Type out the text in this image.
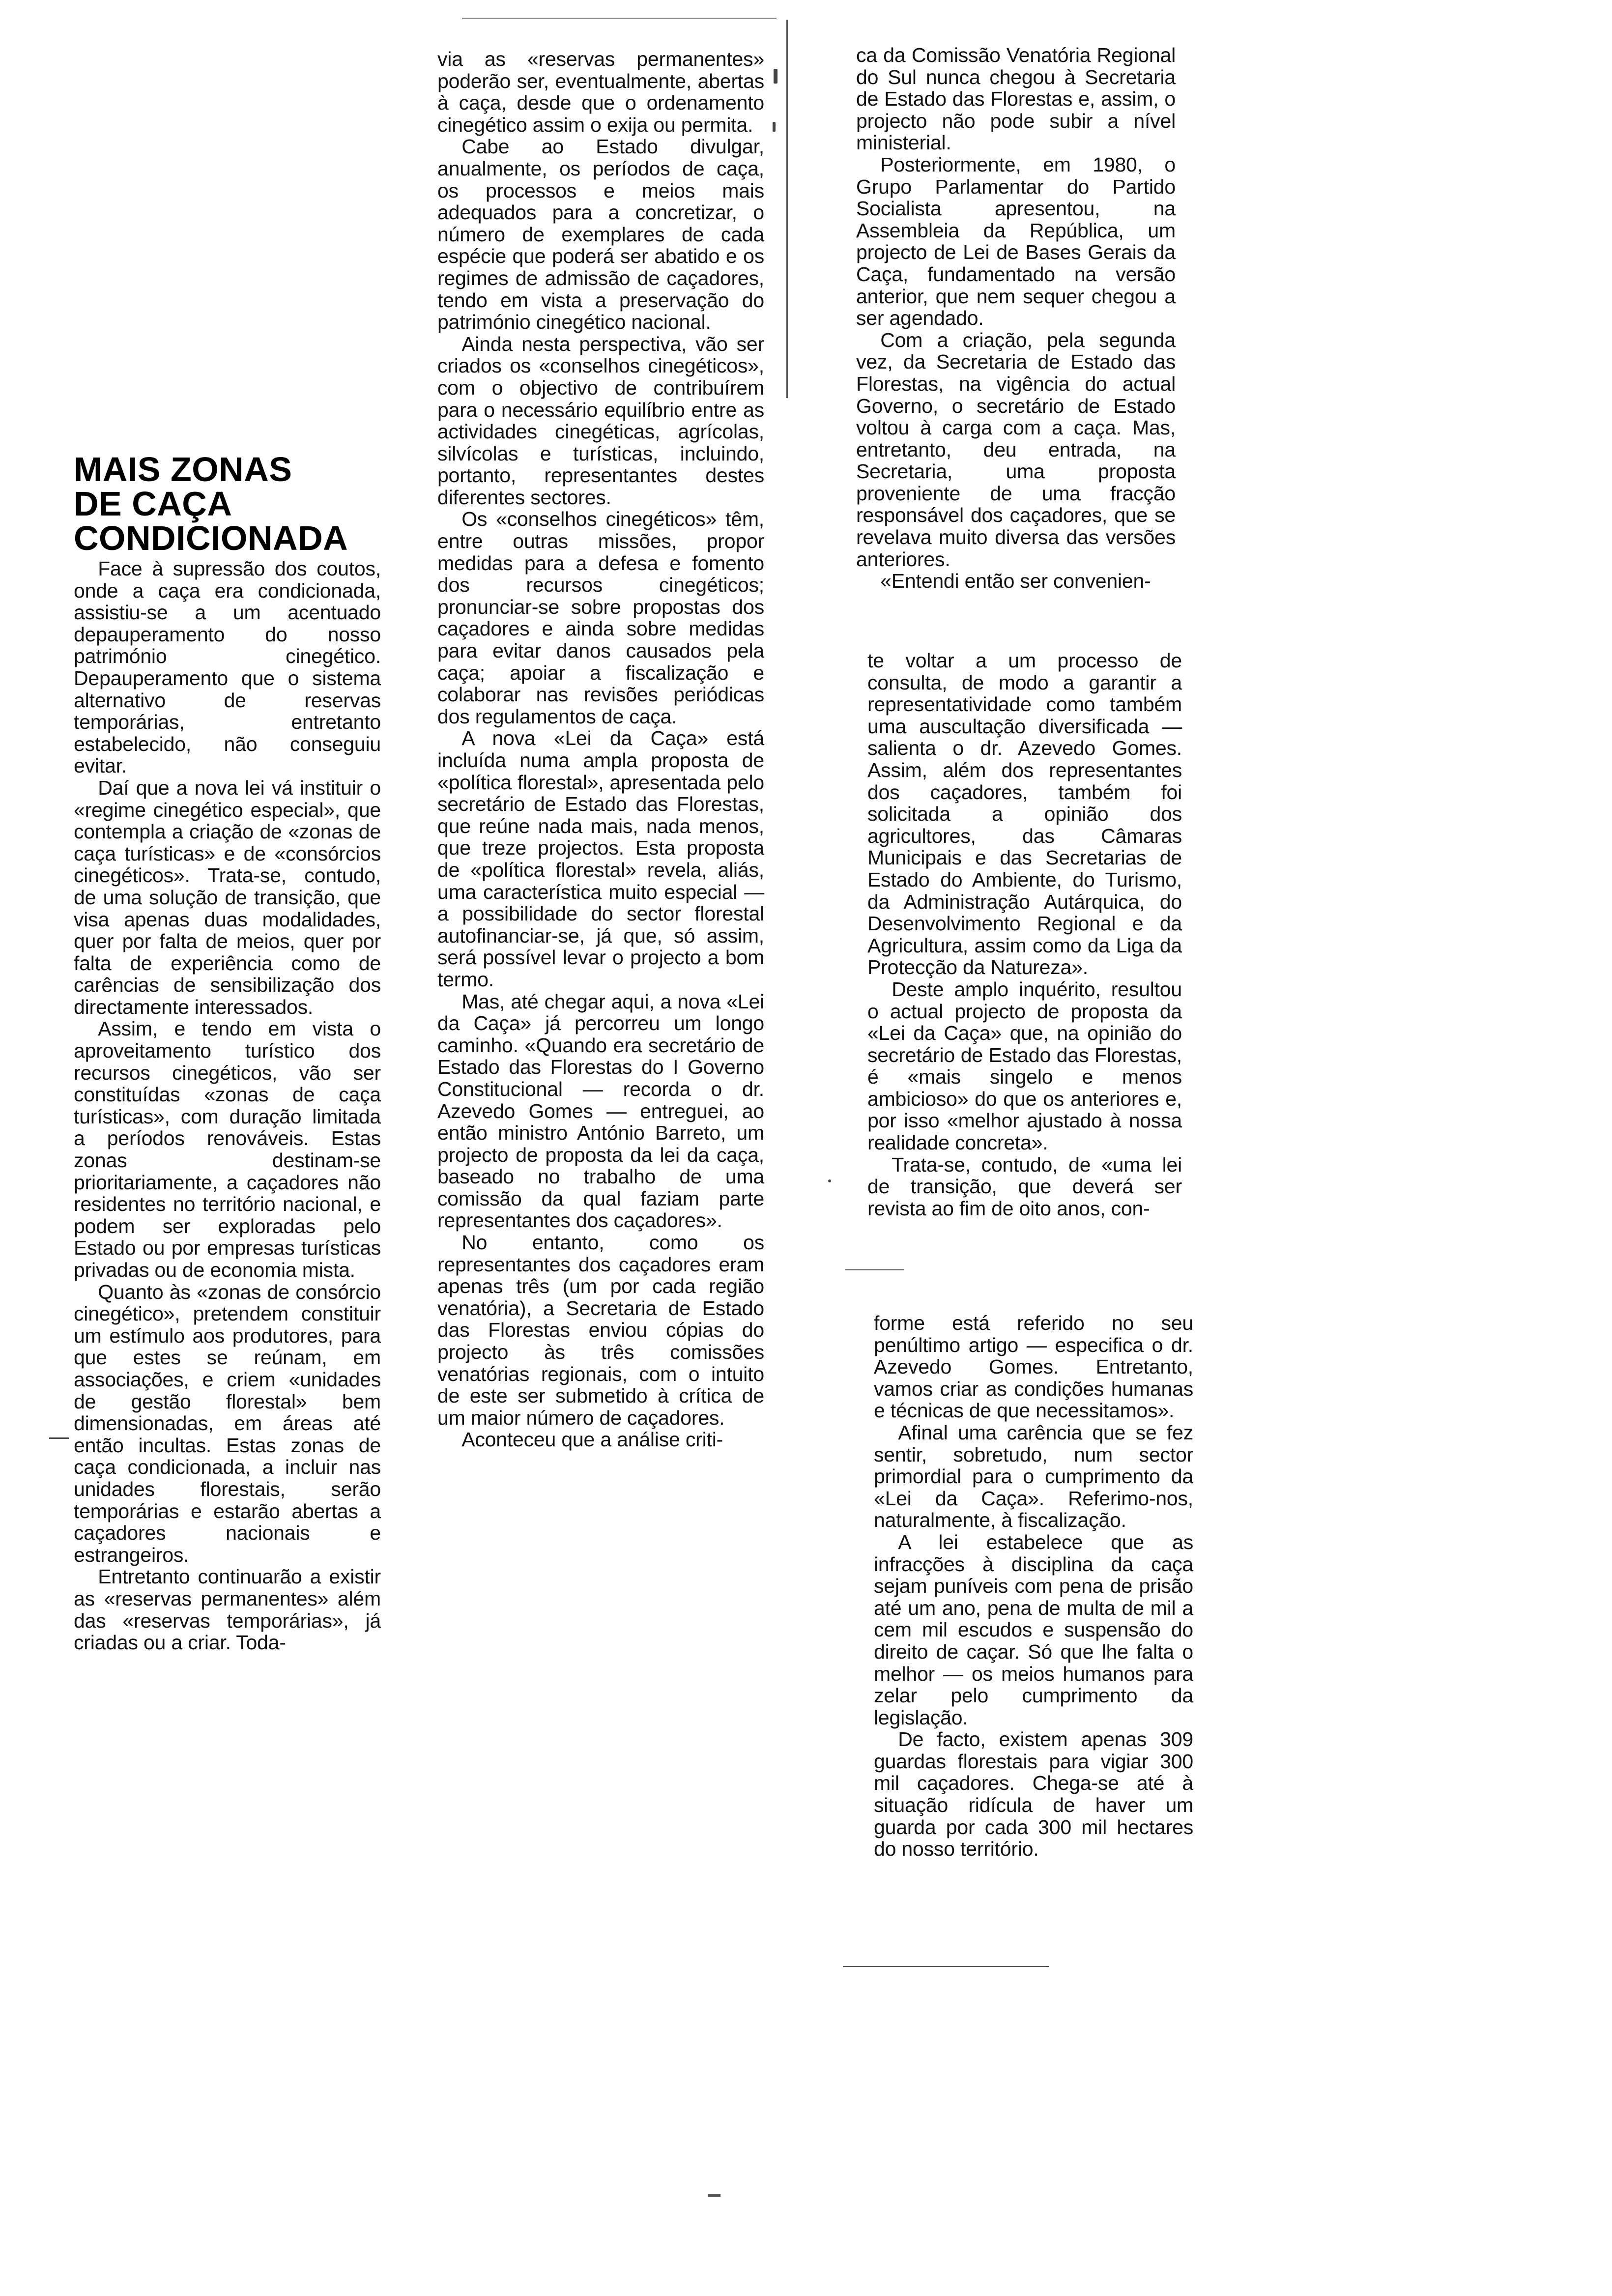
MAIS ZONAS
DE CAÇA
CONDICIONADA

Face à supressão dos coutos, onde a caça era condicionada, assistiu-se a um acentuado depauperamento do nosso património cinegético. Depauperamento que o sistema alternativo de reservas temporárias, entretanto estabelecido, não conseguiu evitar.

Daí que a nova lei vá instituir o «regime cinegético especial», que contempla a criação de «zonas de caça turísticas» e de «consórcios cinegéticos». Trata-se, contudo, de uma solução de transição, que visa apenas duas modalidades, quer por falta de meios, quer por falta de experiência como de carências de sensibilização dos directamente interessados.

Assim, e tendo em vista o aproveitamento turístico dos recursos cinegéticos, vão ser constituídas «zonas de caça turísticas», com duração limitada a períodos renováveis. Estas zonas destinam-se prioritariamente, a caçadores não residentes no território nacional, e podem ser exploradas pelo Estado ou por empresas turísticas privadas ou de economia mista.

Quanto às «zonas de consórcio cinegético», pretendem constituir um estímulo aos produtores, para que estes se reúnam, em associações, e criem «unidades de gestão florestal» bem dimensionadas, em áreas até então incultas. Estas zonas de caça condicionada, a incluir nas unidades florestais, serão temporárias e estarão abertas a caçadores nacionais e estrangeiros.

Entretanto continuarão a existir as «reservas permanentes» além das «reservas temporárias», já criadas ou a criar. Toda-

via as «reservas permanentes» poderão ser, eventualmente, abertas à caça, desde que o ordenamento cinegético assim o exija ou permita.

Cabe ao Estado divulgar, anualmente, os períodos de caça, os processos e meios mais adequados para a concretizar, o número de exemplares de cada espécie que poderá ser abatido e os regimes de admissão de caçadores, tendo em vista a preservação do património cinegético nacional.

Ainda nesta perspectiva, vão ser criados os «conselhos cinegéticos», com o objectivo de contribuírem para o necessário equilíbrio entre as actividades cinegéticas, agrícolas, silvícolas e turísticas, incluindo, portanto, representantes destes diferentes sectores.

Os «conselhos cinegéticos» têm, entre outras missões, propor medidas para a defesa e fomento dos recursos cinegéticos; pronunciar-se sobre propostas dos caçadores e ainda sobre medidas para evitar danos causados pela caça; apoiar a fiscalização e colaborar nas revisões periódicas dos regulamentos de caça.

A nova «Lei da Caça» está incluída numa ampla proposta de «política florestal», apresentada pelo secretário de Estado das Florestas, que reúne nada mais, nada menos, que treze projectos. Esta proposta de «política florestal» revela, aliás, uma característica muito especial — a possibilidade do sector florestal autofinanciar-se, já que, só assim, será possível levar o projecto a bom termo.

Mas, até chegar aqui, a nova «Lei da Caça» já percorreu um longo caminho. «Quando era secretário de Estado das Florestas do I Governo Constitucional — recorda o dr. Azevedo Gomes — entreguei, ao então ministro António Barreto, um projecto de proposta da lei da caça, baseado no trabalho de uma comissão da qual faziam parte representantes dos caçadores».

No entanto, como os representantes dos caçadores eram apenas três (um por cada região venatória), a Secretaria de Estado das Florestas enviou cópias do projecto às três comissões venatórias regionais, com o intuito de este ser submetido à crítica de um maior número de caçadores.

Aconteceu que a análise criti-

ca da Comissão Venatória Regional do Sul nunca chegou à Secretaria de Estado das Florestas e, assim, o projecto não pode subir a nível ministerial.

Posteriormente, em 1980, o Grupo Parlamentar do Partido Socialista apresentou, na Assembleia da República, um projecto de Lei de Bases Gerais da Caça, fundamentado na versão anterior, que nem sequer chegou a ser agendado.

Com a criação, pela segunda vez, da Secretaria de Estado das Florestas, na vigência do actual Governo, o secretário de Estado voltou à carga com a caça. Mas, entretanto, deu entrada, na Secretaria, uma proposta proveniente de uma fracção responsável dos caçadores, que se revelava muito diversa das versões anteriores.

«Entendi então ser convenien-

te voltar a um processo de consulta, de modo a garantir a representatividade como também uma auscultação diversificada — salienta o dr. Azevedo Gomes. Assim, além dos representantes dos caçadores, também foi solicitada a opinião dos agricultores, das Câmaras Municipais e das Secretarias de Estado do Ambiente, do Turismo, da Administração Autárquica, do Desenvolvimento Regional e da Agricultura, assim como da Liga da Protecção da Natureza».

Deste amplo inquérito, resultou o actual projecto de proposta da «Lei da Caça» que, na opinião do secretário de Estado das Florestas, é «mais singelo e menos ambicioso» do que os anteriores e, por isso «melhor ajustado à nossa realidade concreta».

Trata-se, contudo, de «uma lei de transição, que deverá ser revista ao fim de oito anos, con-

forme está referido no seu penúltimo artigo — especifica o dr. Azevedo Gomes. Entretanto, vamos criar as condições humanas e técnicas de que necessitamos».

Afinal uma carência que se fez sentir, sobretudo, num sector primordial para o cumprimento da «Lei da Caça». Referimo-nos, naturalmente, à fiscalização.

A lei estabelece que as infracções à disciplina da caça sejam puníveis com pena de prisão até um ano, pena de multa de mil a cem mil escudos e suspensão do direito de caçar. Só que lhe falta o melhor — os meios humanos para zelar pelo cumprimento da legislação.

De facto, existem apenas 309 guardas florestais para vigiar 300 mil caçadores. Chega-se até à situação ridícula de haver um guarda por cada 300 mil hectares do nosso território.
